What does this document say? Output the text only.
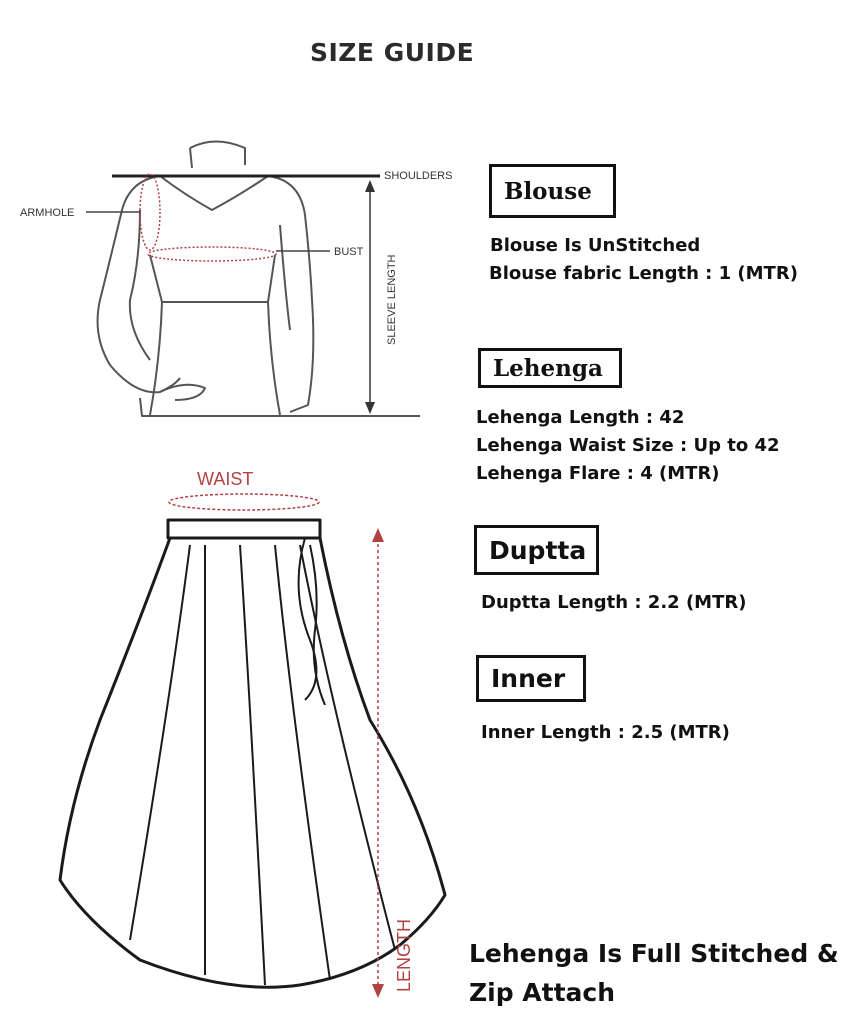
SIZE GUIDE
SHOULDERS
ARMHOLE
BUST
SLEEVE LENGTH
WAIST
LENGTH
Blouse
Blouse Is UnStitched
Blouse fabric Length : 1 (MTR)
Lehenga
Lehenga Length : 42
Lehenga Waist Size : Up to 42
Lehenga Flare : 4 (MTR)
Duptta
Duptta Length : 2.2 (MTR)
Inner
Inner Length : 2.5 (MTR)
Lehenga Is Full Stitched &
Zip Attach
